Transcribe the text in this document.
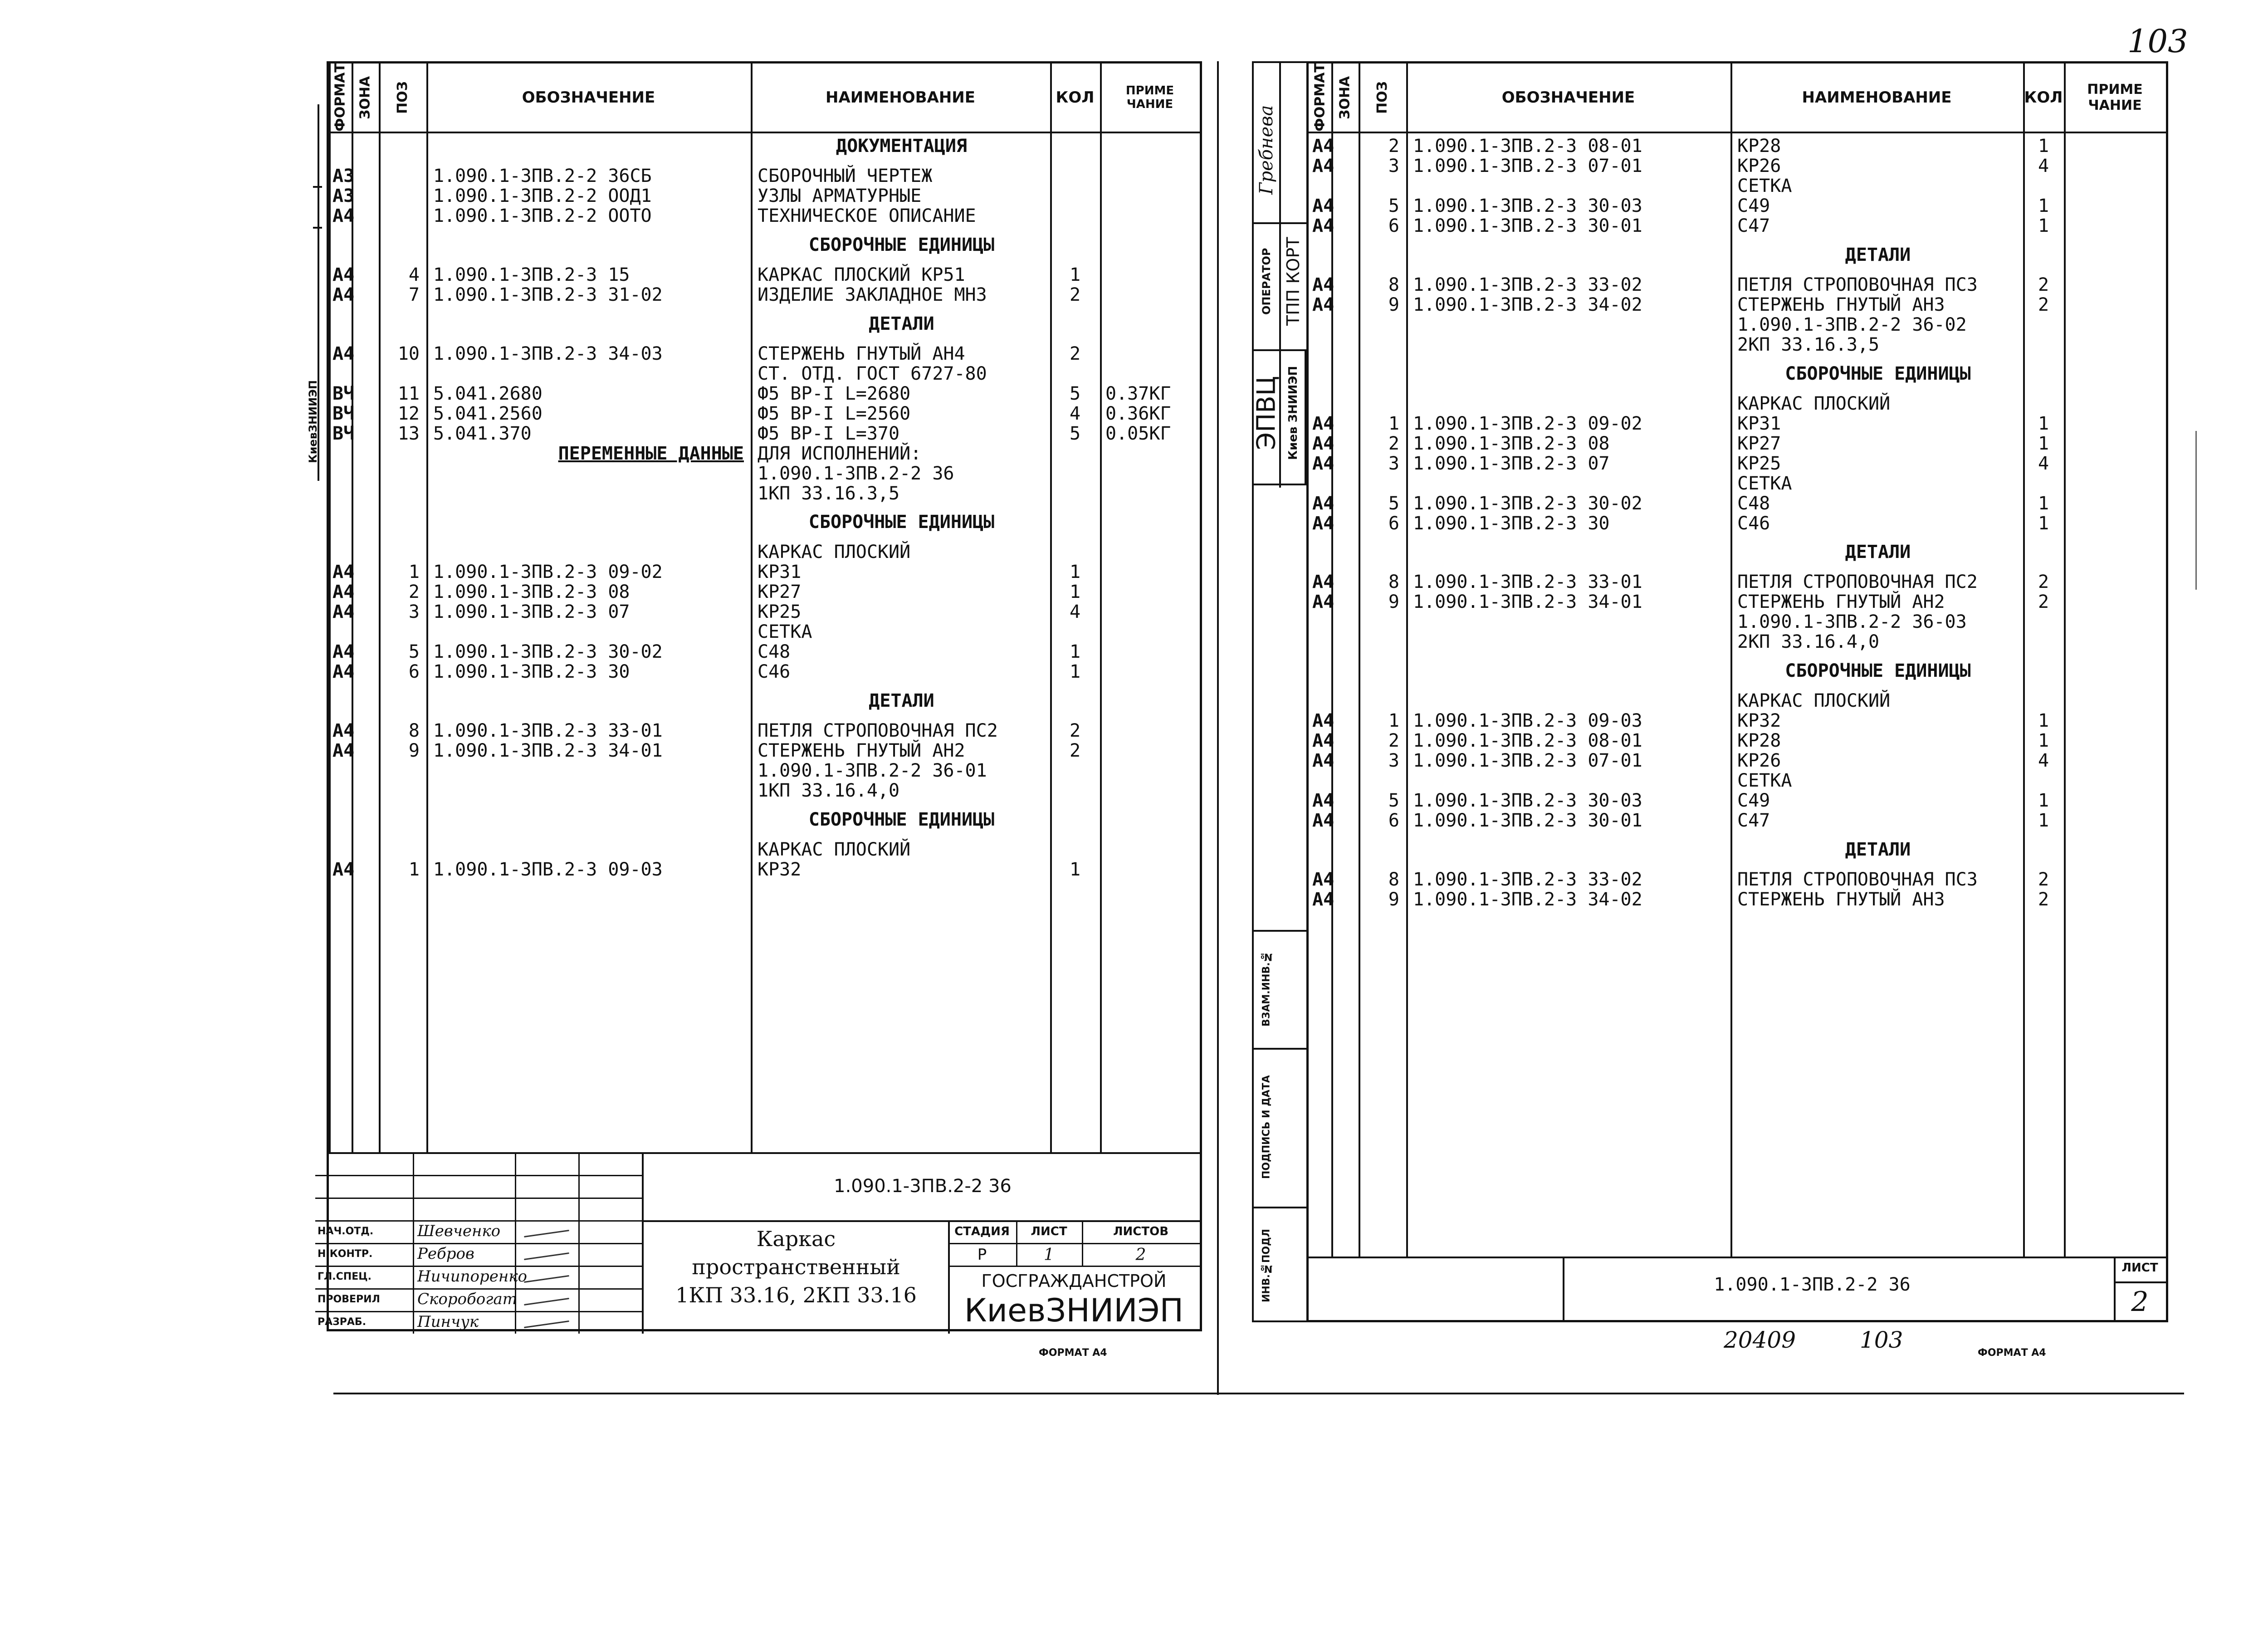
ФОРМАТ ЗОНА	ПОЗ	ОБОЗНАЧЕНИЕ	НАИМЕНОВАНИЕ	КОЛ	ПРИМЕ
ЧАНИЕ
ДОКУМЕНТАЦИЯ
А3	1.090.1-3ПВ.2-2 36СБ	СБОРОЧНЫЙ ЧЕРТЕЖ
А3	1.090.1-3ПВ.2-2 ООД1	УЗЛЫ АРМАТУРНЫЕ
А4	1.090.1-3ПВ.2-2 ООТО	ТЕХНИЧЕСКОЕ ОПИСАНИЕ
СБОРОЧНЫЕ ЕДИНИЦЫ
А4	4 1.090.1-3ПВ.2-3 15	КАРКАС ПЛОСКИЙ КР51	1
А4	7 1.090.1-3ПВ.2-3 31-02	ИЗДЕЛИЕ ЗАКЛАДНОЕ МН3	2
ДЕТАЛИ
А4	10 1.090.1-3ПВ.2-3 34-03	СТЕРЖЕНЬ ГНУТЫЙ АН4	2
СТ. ОТД. ГОСТ 6727-80
ВЧ	11 5.041.2680	Ф5 ВР-I L=2680	5	0.37КГ
ВЧ	12 5.041.2560	Ф5 ВР-I L=2560	4	0.36КГ
ВЧ	13 5.041.370	Ф5 ВР-I L=370	5	0.05КГ
ПЕРЕМЕННЫЕ ДАННЫЕ ДЛЯ ИСПОЛНЕНИЙ:
1.090.1-3ПВ.2-2 36
1КП 33.16.3,5
СБОРОЧНЫЕ ЕДИНИЦЫ
КАРКАС ПЛОСКИЙ
А4	1 1.090.1-3ПВ.2-3 09-02	КР31	1
А4	2 1.090.1-3ПВ.2-3 08	КР27	1
А4	3 1.090.1-3ПВ.2-3 07	КР25	4
СЕТКА
А4	5 1.090.1-3ПВ.2-3 30-02	С48	1
А4	6 1.090.1-3ПВ.2-3 30	С46	1
ДЕТАЛИ
А4	8 1.090.1-3ПВ.2-3 33-01	ПЕТЛЯ СТРОПОВОЧНАЯ ПС2	2
А4	9 1.090.1-3ПВ.2-3 34-01	СТЕРЖЕНЬ ГНУТЫЙ АН2	2
1.090.1-3ПВ.2-2 36-01
1КП 33.16.4,0
СБОРОЧНЫЕ ЕДИНИЦЫ
КАРКАС ПЛОСКИЙ
А4	1 1.090.1-3ПВ.2-3 09-03	КР32	1
1.090.1-3ПВ.2-2 36
НАЧ.ОТД.	Шевченко
Н.КОНТР.	Ребров
ГЛ.СПЕЦ.	Ничипоренко
ПРОВЕРИЛ	Скоробогат
РАЗРАБ.	Пинчук
Каркас
пространственный
1КП 33.16, 2КП 33.16
СТАДИЯ	ЛИСТ	ЛИСТОВ
Р	1	2
ГОСГРАЖДАНСТРОЙ
КиевЗНИИЭП
ФОРМАТ А4
КиевЗНИИЭП
Гребнева
ОПЕРАТОР ТПП КОРТ
ЭПВЦ Киев ЗНИИЭП
ВЗАМ.ИНВ.№
ПОДПИСЬ И ДАТА
ИНВ.№ПОДЛ
ФОРМАТ ЗОНА	ПОЗ	ОБОЗНАЧЕНИЕ	НАИМЕНОВАНИЕ	КОЛ ПРИМЕ
ЧАНИЕ
А4	2 1.090.1-3ПВ.2-3 08-01	КР28	1
А4	3 1.090.1-3ПВ.2-3 07-01	КР26	4
СЕТКА
А4	5 1.090.1-3ПВ.2-3 30-03	С49	1
А4	6 1.090.1-3ПВ.2-3 30-01	С47	1
ДЕТАЛИ
А4	8 1.090.1-3ПВ.2-3 33-02	ПЕТЛЯ СТРОПОВОЧНАЯ ПС3	2
А4	9 1.090.1-3ПВ.2-3 34-02	СТЕРЖЕНЬ ГНУТЫЙ АН3	2
1.090.1-3ПВ.2-2 36-02
2КП 33.16.3,5
СБОРОЧНЫЕ ЕДИНИЦЫ
КАРКАС ПЛОСКИЙ
А4	1 1.090.1-3ПВ.2-3 09-02	КР31	1
А4	2 1.090.1-3ПВ.2-3 08	КР27	1
А4	3 1.090.1-3ПВ.2-3 07	КР25	4
СЕТКА
А4	5 1.090.1-3ПВ.2-3 30-02	С48	1
А4	6 1.090.1-3ПВ.2-3 30	С46	1
ДЕТАЛИ
А4	8 1.090.1-3ПВ.2-3 33-01	ПЕТЛЯ СТРОПОВОЧНАЯ ПС2	2
А4	9 1.090.1-3ПВ.2-3 34-01	СТЕРЖЕНЬ ГНУТЫЙ АН2	2
1.090.1-3ПВ.2-2 36-03
2КП 33.16.4,0
СБОРОЧНЫЕ ЕДИНИЦЫ
КАРКАС ПЛОСКИЙ
А4	1 1.090.1-3ПВ.2-3 09-03	КР32	1
А4	2 1.090.1-3ПВ.2-3 08-01	КР28	1
А4	3 1.090.1-3ПВ.2-3 07-01	КР26	4
СЕТКА
А4	5 1.090.1-3ПВ.2-3 30-03	С49	1
А4	6 1.090.1-3ПВ.2-3 30-01	С47	1
ДЕТАЛИ
А4	8 1.090.1-3ПВ.2-3 33-02	ПЕТЛЯ СТРОПОВОЧНАЯ ПС3	2
А4	9 1.090.1-3ПВ.2-3 34-02	СТЕРЖЕНЬ ГНУТЫЙ АН3	2
1.090.1-3ПВ.2-2 36
ЛИСТ
2
20409	103	ФОРМАТ А4
103
